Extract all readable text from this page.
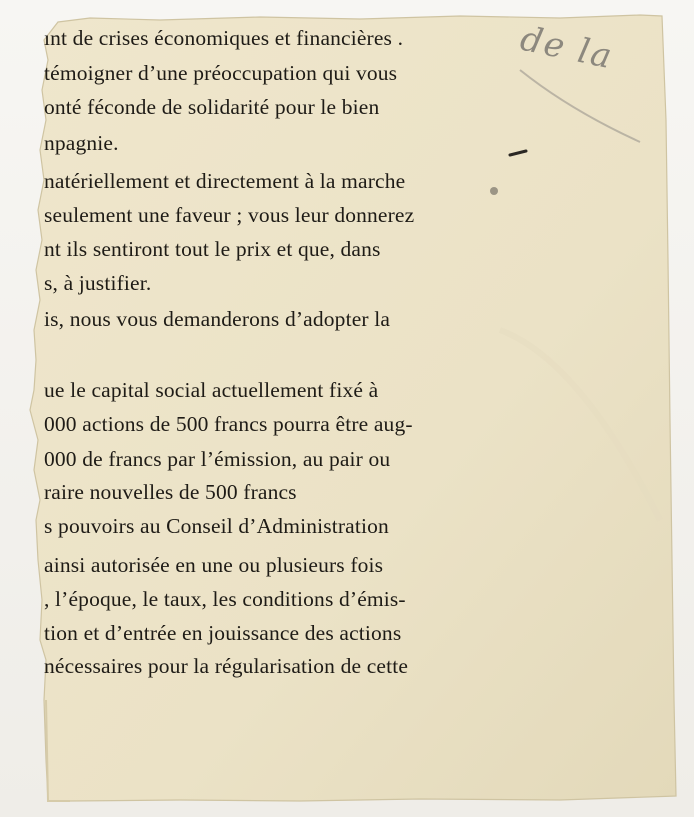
de la
ınt de crises économiques et financières .
témoigner d’une préoccupation qui vous
onté féconde de solidarité pour le bien
npagnie.
natériellement et directement à la marche
seulement une faveur ; vous leur donnerez
nt ils sentiront tout le prix et que, dans
s, à justifier.
is, nous vous demanderons d’adopter la
ue le capital social actuellement fixé à
000 actions de 500 francs pourra être aug-
000 de francs par l’émission, au pair ou
raire nouvelles de 500 francs
s pouvoirs au Conseil d’Administration
ainsi autorisée en une ou plusieurs fois
, l’époque, le taux, les conditions d’émis-
tion et d’entrée en jouissance des actions
nécessaires pour la régularisation de cette
